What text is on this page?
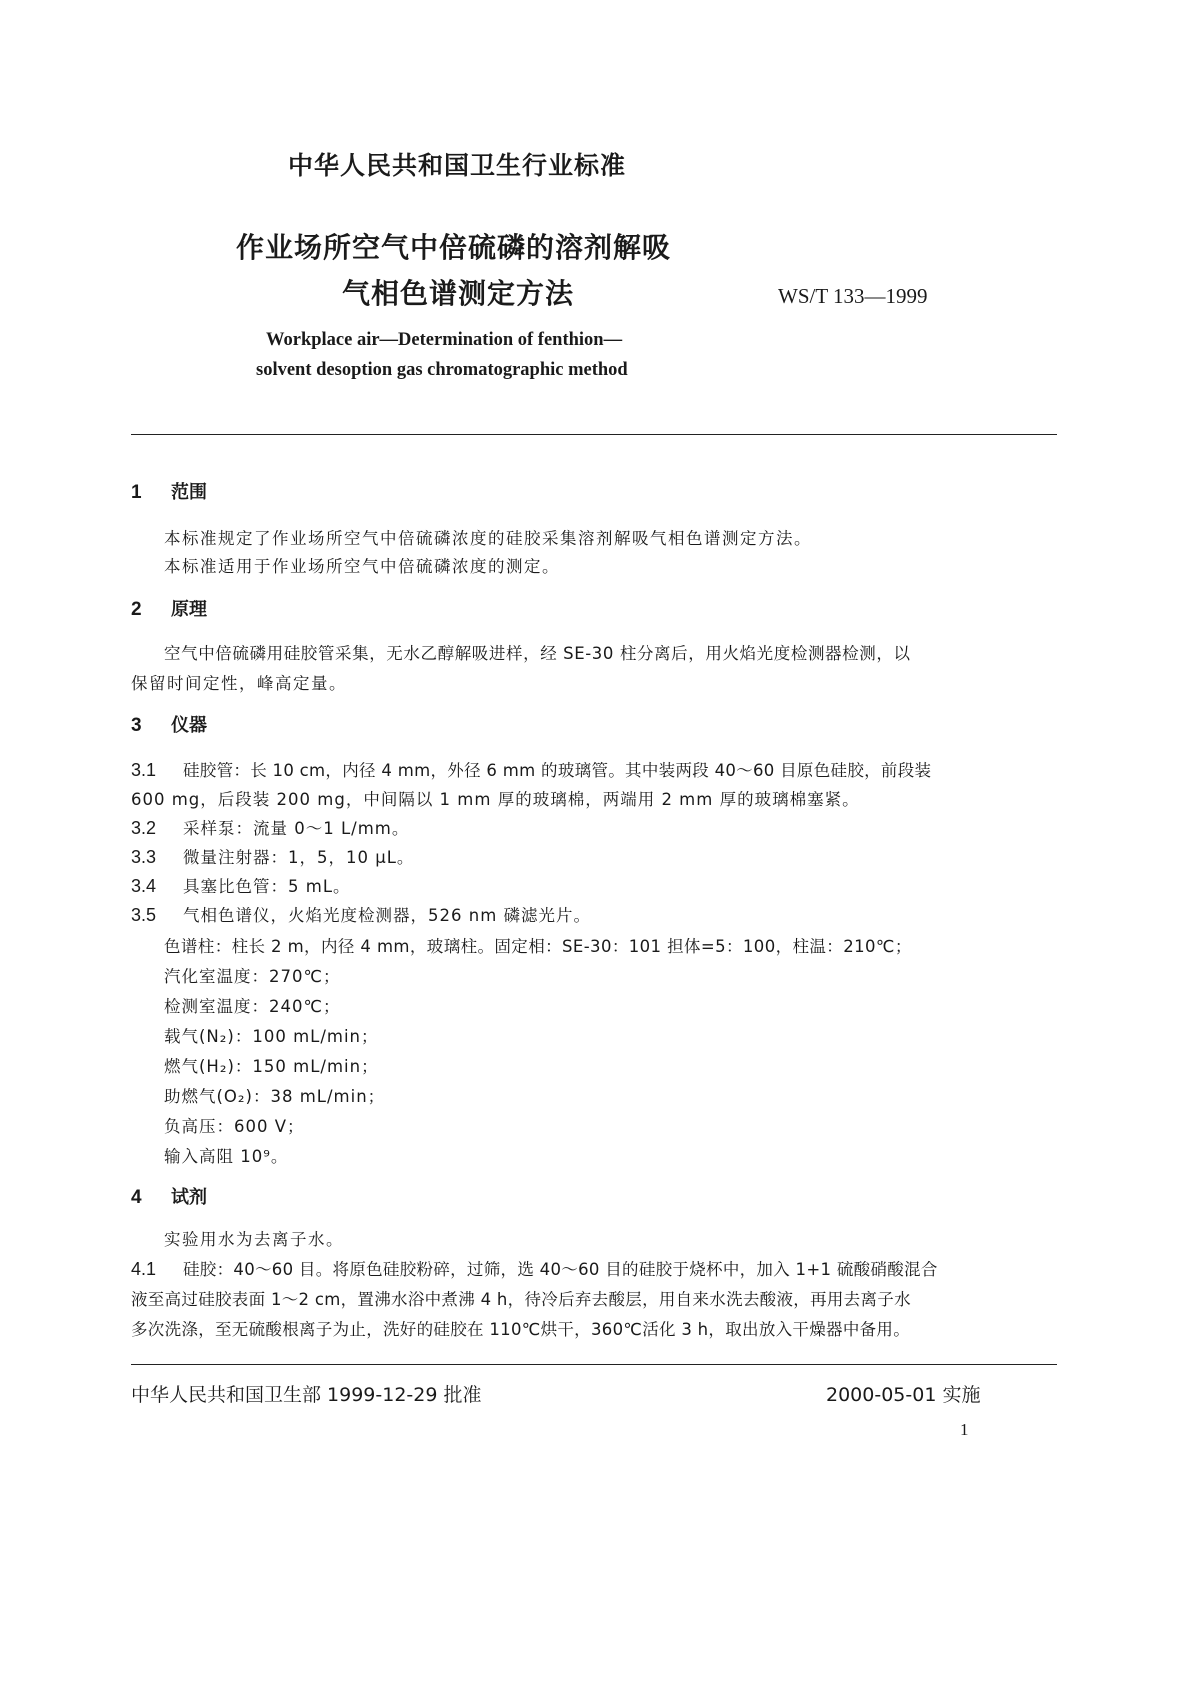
中华人民共和国卫生行业标准
作业场所空气中倍硫磷的溶剂解吸
气相色谱测定方法	WS/T 133—1999
Workplace air—Determination of fenthion—
solvent desoption gas chromatographic method
1 范围
本标准规定了作业场所空气中倍硫磷浓度的硅胶采集溶剂解吸气相色谱测定方法。
本标准适用于作业场所空气中倍硫磷浓度的测定。
2 原理
空气中倍硫磷用硅胶管采集，无水乙醇解吸进样，经 SE-30 柱分离后，用火焰光度检测器检测，以
保留时间定性，峰高定量。
3 仪器
3.1 硅胶管：长 10 cm，内径 4 mm，外径 6 mm 的玻璃管。其中装两段 40～60 目原色硅胶，前段装
600 mg，后段装 200 mg，中间隔以 1 mm 厚的玻璃棉，两端用 2 mm 厚的玻璃棉塞紧。
3.2 采样泵：流量 0～1 L/mm。
3.3 微量注射器：1，5，10 μL。
3.4 具塞比色管：5 mL。
3.5 气相色谱仪，火焰光度检测器，526 nm 磷滤光片。
色谱柱：柱长 2 m，内径 4 mm，玻璃柱。固定相：SE-30：101 担体=5：100，柱温：210℃；
汽化室温度：270℃；
检测室温度：240℃；
载气(N₂)：100 mL/min；
燃气(H₂)：150 mL/min；
助燃气(O₂)：38 mL/min；
负高压：600 V；
输入高阻 10⁹。
4 试剂
实验用水为去离子水。
4.1 硅胶：40～60 目。将原色硅胶粉碎，过筛，选 40～60 目的硅胶于烧杯中，加入 1+1 硫酸硝酸混合
液至高过硅胶表面 1～2 cm，置沸水浴中煮沸 4 h，待冷后弃去酸层，用自来水洗去酸液，再用去离子水
多次洗涤，至无硫酸根离子为止，洗好的硅胶在 110℃烘干，360℃活化 3 h，取出放入干燥器中备用。
中华人民共和国卫生部 1999-12-29 批准	2000-05-01 实施
1
